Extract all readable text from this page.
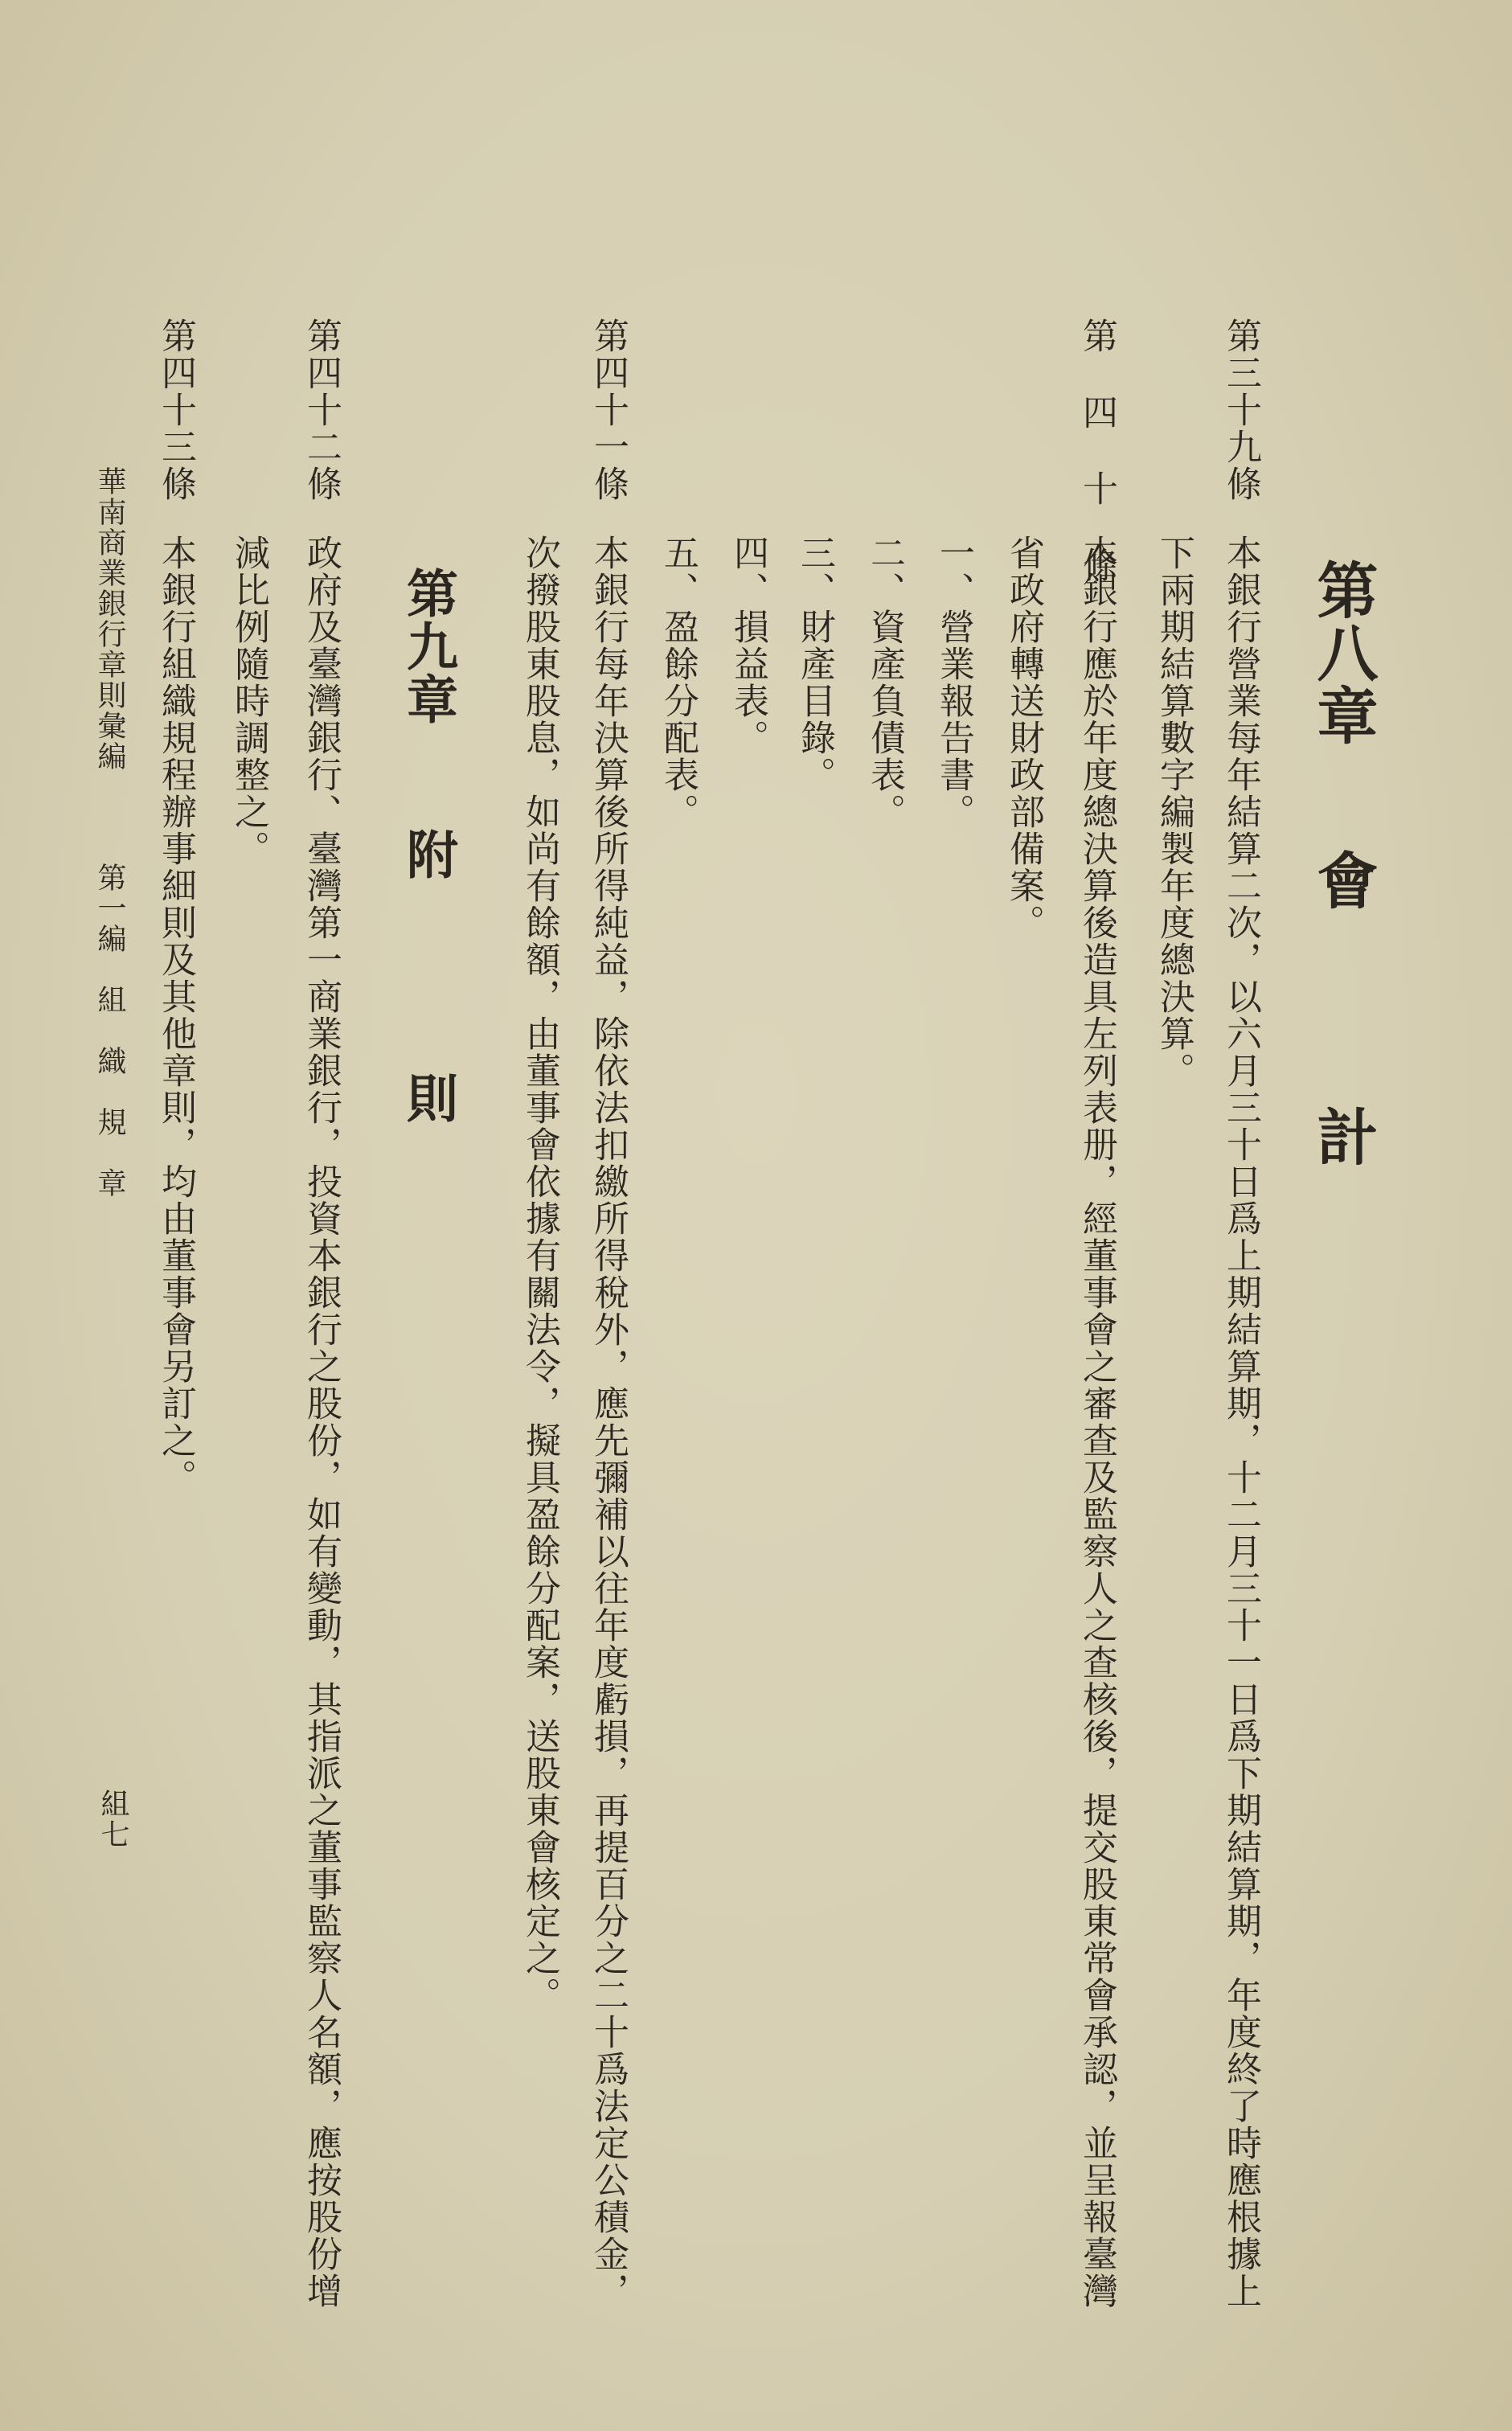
第八章 會 計
第三十九條
本銀行營業每年結算二次，以六月三十日爲上期結算期，十二月三十一日爲下期結算期，年度終了時應根據上
下兩期結算數字編製年度總決算。
第 四 十 條
本銀行應於年度總決算後造具左列表册，經董事會之審查及監察人之查核後，提交股東常會承認，並呈報臺灣
省政府轉送財政部備案。
一、營業報告書。
二、資產負債表。
三、財產目錄。
四、損益表。
五、盈餘分配表。
第四十一條
本銀行每年決算後所得純益，除依法扣繳所得稅外，應先彌補以往年度虧損，再提百分之二十爲法定公積金，
次撥股東股息，如尚有餘額，由董事會依據有關法令，擬具盈餘分配案，送股東會核定之。
第九章 附 則
第四十二條
政府及臺灣銀行、臺灣第一商業銀行，投資本銀行之股份，如有變動，其指派之董事監察人名額，應按股份增
減比例隨時調整之。
第四十三條
本銀行組織規程辦事細則及其他章則，均由董事會另訂之。
華南商業銀行章則彙編 第一編　組　織　規　章
組七
